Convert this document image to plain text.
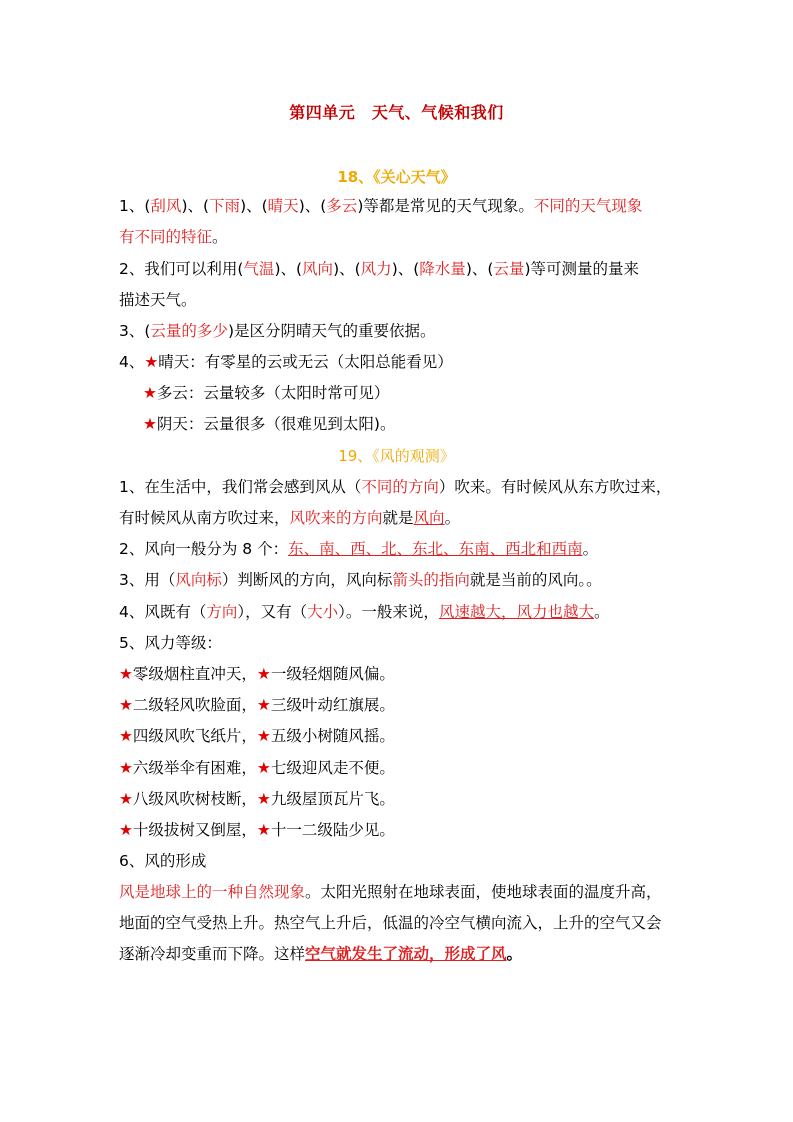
第四单元　天气、气候和我们
18、《关心天气》
1、(刮风)、(下雨)、(晴天)、(多云)等都是常见的天气现象。不同的天气现象
有不同的特征。
2、我们可以利用(气温)、(风向)、(风力)、(降水量)、(云量)等可测量的量来
描述天气。
3、(云量的多少)是区分阴晴天气的重要依据。
4、★晴天：有零星的云或无云（太阳总能看见）
★多云：云量较多（太阳时常可见）
★阴天：云量很多（很难见到太阳)。
19、《风的观测》
1、在生活中，我们常会感到风从（不同的方向）吹来。有时候风从东方吹过来，
有时候风从南方吹过来，风吹来的方向就是风向。
2、风向一般分为 8 个：东、南、西、北、东北、东南、西北和西南。
3、用（风向标）判断风的方向，风向标箭头的指向就是当前的风向。。
4、风既有（方向），又有（大小）。一般来说，风速越大，风力也越大。
5、风力等级：
★零级烟柱直冲天，★一级轻烟随风偏。
★二级轻风吹脸面，★三级叶动红旗展。
★四级风吹飞纸片，★五级小树随风摇。
★六级举伞有困难，★七级迎风走不便。
★八级风吹树枝断，★九级屋顶瓦片飞。
★十级拔树又倒屋，★十一二级陆少见。
6、风的形成
风是地球上的一种自然现象。太阳光照射在地球表面，使地球表面的温度升高，
地面的空气受热上升。热空气上升后，低温的冷空气横向流入，上升的空气又会
逐渐冷却变重而下降。这样空气就发生了流动，形成了风。
